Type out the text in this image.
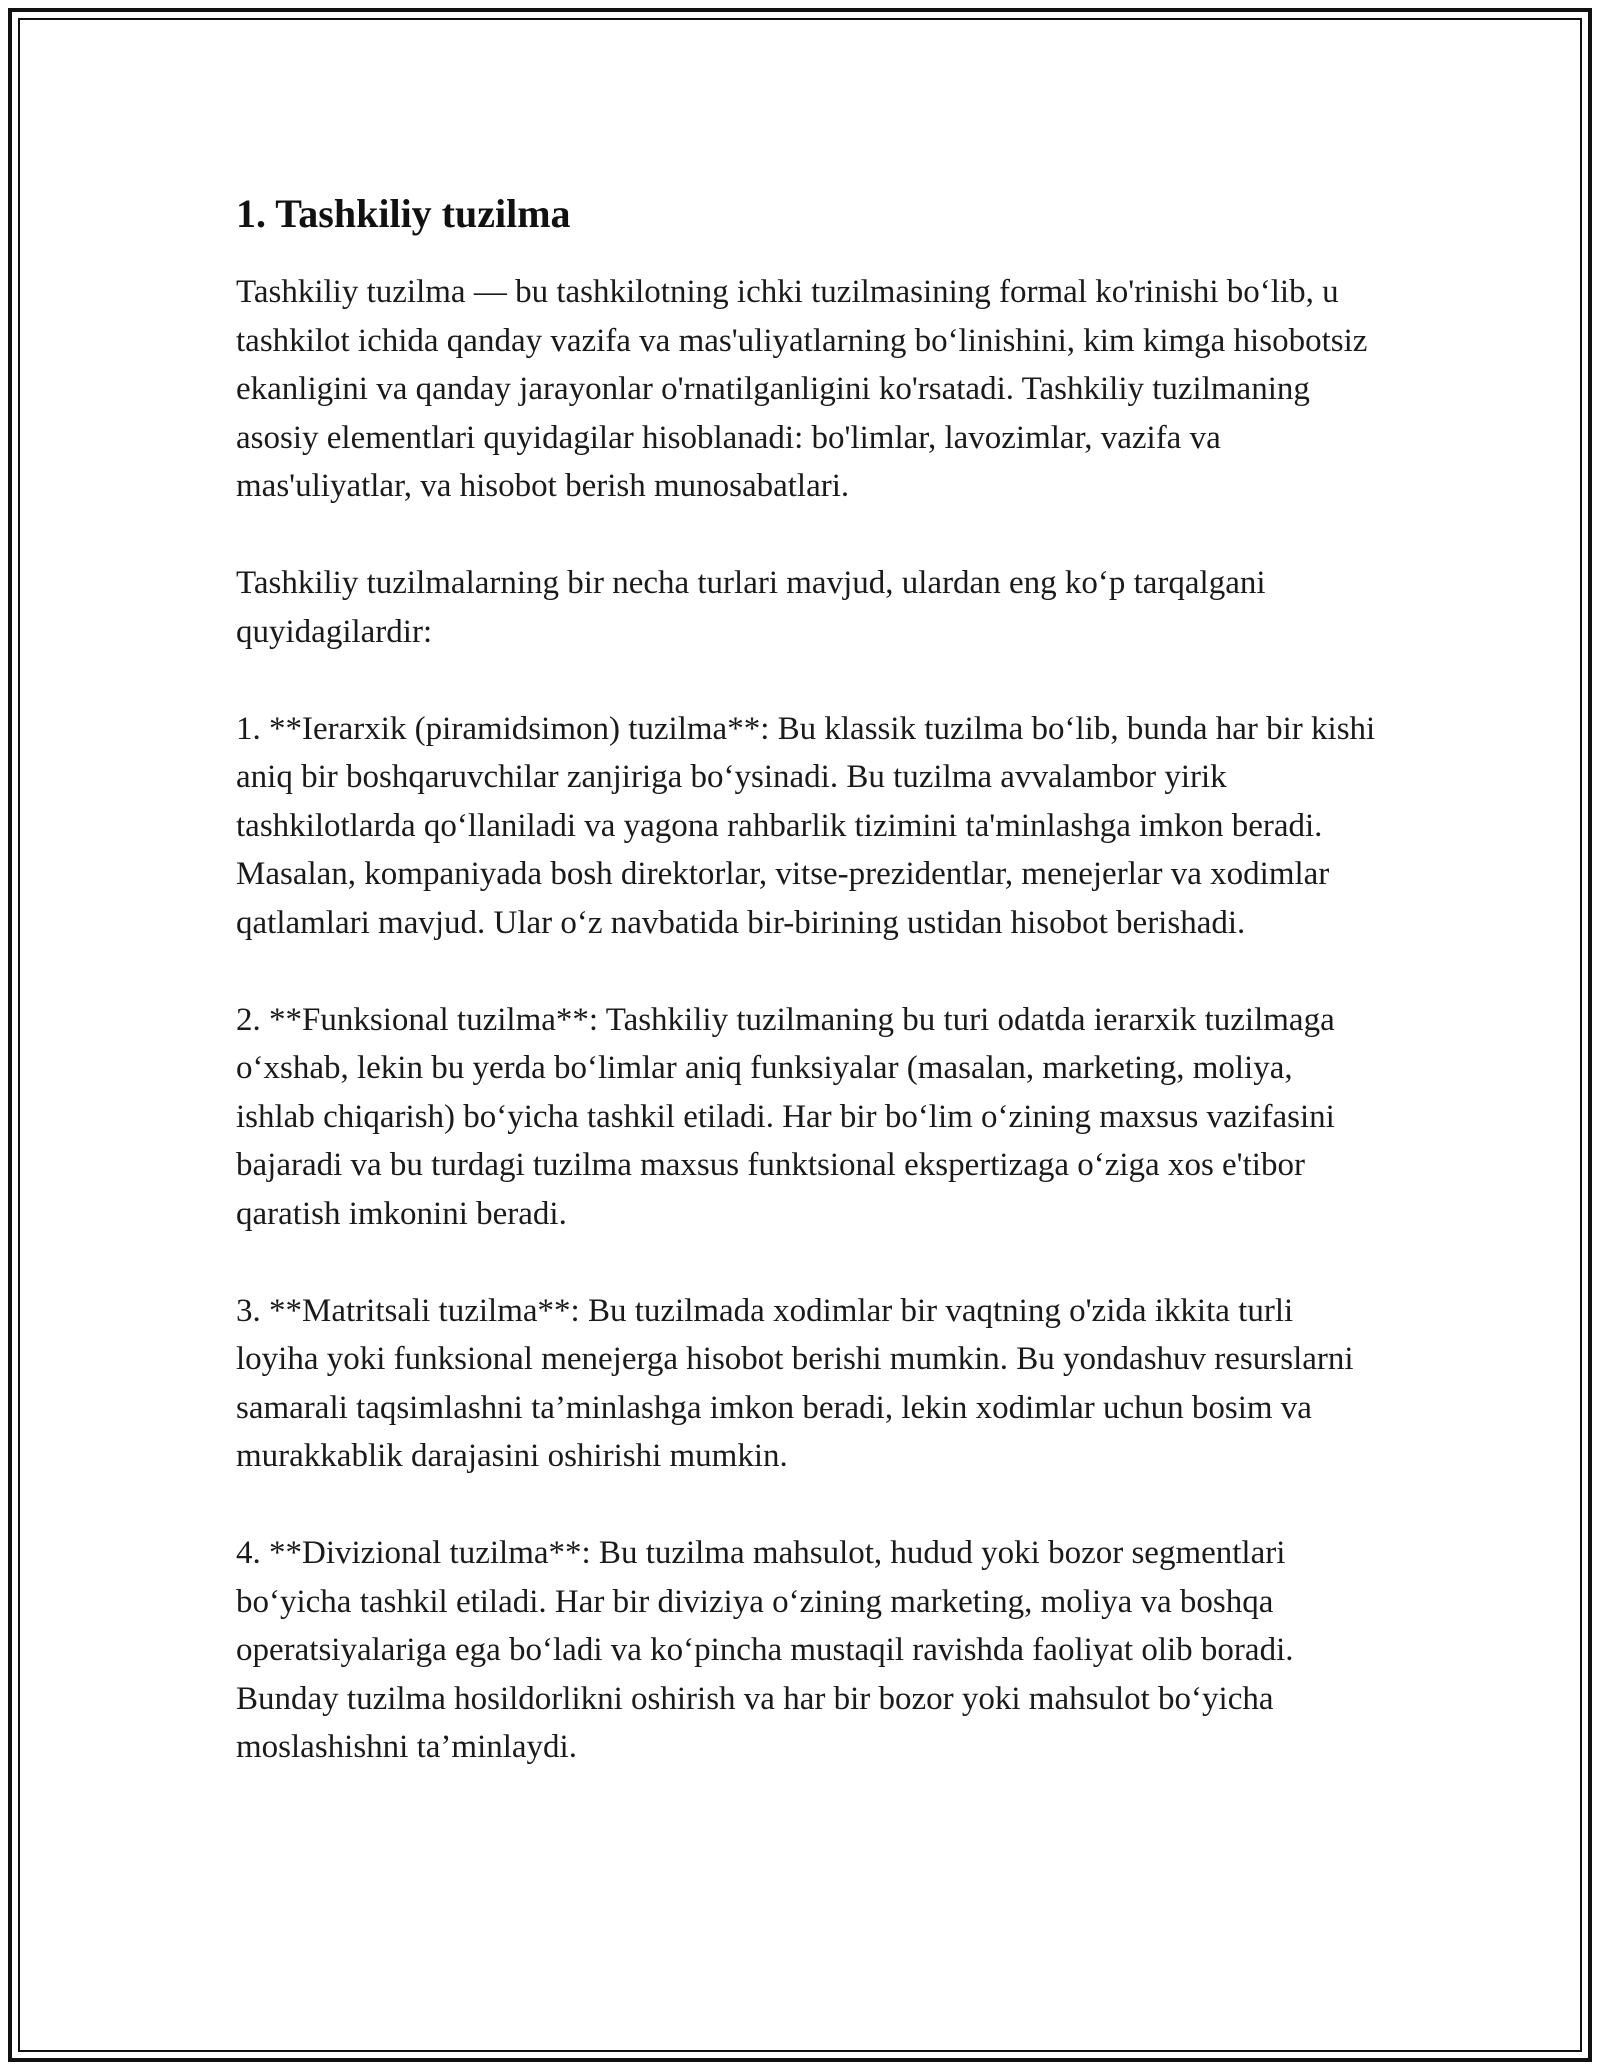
1. Tashkiliy tuzilma

Tashkiliy tuzilma — bu tashkilotning ichki tuzilmasining formal ko'rinishi bo‘lib, u tashkilot ichida qanday vazifa va mas'uliyatlarning bo‘linishini, kim kimga hisobotsiz ekanligini va qanday jarayonlar o'rnatilganligini ko'rsatadi. Tashkiliy tuzilmaning asosiy elementlari quyidagilar hisoblanadi: bo'limlar, lavozimlar, vazifa va mas'uliyatlar, va hisobot berish munosabatlari.

Tashkiliy tuzilmalarning bir necha turlari mavjud, ulardan eng ko‘p tarqalgani quyidagilardir:

1. **Ierarxik (piramidsimon) tuzilma**: Bu klassik tuzilma bo‘lib, bunda har bir kishi aniq bir boshqaruvchilar zanjiriga bo‘ysinadi. Bu tuzilma avvalambor yirik tashkilotlarda qo‘llaniladi va yagona rahbarlik tizimini ta'minlashga imkon beradi. Masalan, kompaniyada bosh direktorlar, vitse-prezidentlar, menejerlar va xodimlar qatlamlari mavjud. Ular o‘z navbatida bir-birining ustidan hisobot berishadi.

2. **Funksional tuzilma**: Tashkiliy tuzilmaning bu turi odatda ierarxik tuzilmaga o‘xshab, lekin bu yerda bo‘limlar aniq funksiyalar (masalan, marketing, moliya, ishlab chiqarish) bo‘yicha tashkil etiladi. Har bir bo‘lim o‘zining maxsus vazifasini bajaradi va bu turdagi tuzilma maxsus funktsional ekspertizaga o‘ziga xos e'tibor qaratish imkonini beradi.

3. **Matritsali tuzilma**: Bu tuzilmada xodimlar bir vaqtning o'zida ikkita turli loyiha yoki funksional menejerga hisobot berishi mumkin. Bu yondashuv resurslarni samarali taqsimlashni ta’minlashga imkon beradi, lekin xodimlar uchun bosim va murakkablik darajasini oshirishi mumkin.

4. **Divizional tuzilma**: Bu tuzilma mahsulot, hudud yoki bozor segmentlari bo‘yicha tashkil etiladi. Har bir diviziya o‘zining marketing, moliya va boshqa operatsiyalariga ega bo‘ladi va ko‘pincha mustaqil ravishda faoliyat olib boradi. Bunday tuzilma hosildorlikni oshirish va har bir bozor yoki mahsulot bo‘yicha moslashishni ta’minlaydi.
